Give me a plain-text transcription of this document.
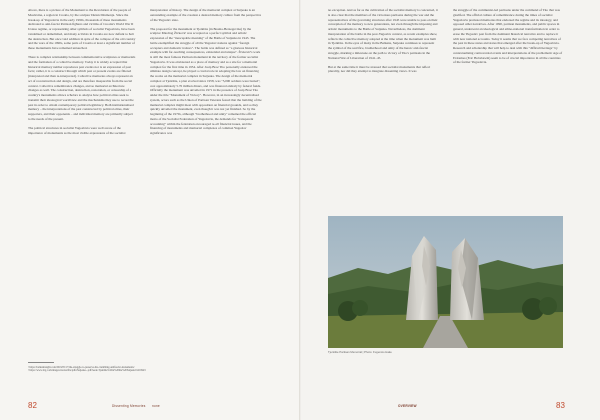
Above, there is a picture of the Monument to the Revolution of the people of Moslavina, a region in Croatia, by the sculptor Dušan Džamonja. Since the break-up of Yugoslavia in the early 1990s, thousands of these monuments dedicated to anti-fascist Partisan fighters and victims of Croatia's World War II Ustasa regime, or representing other symbols of socialist Yugoslavia, have been vandalised or demolished, and many activists in Croatia are now defiant to halt the destruction. But once vaid addition in spite of the collapse of the old country and the wars of the 1990s, some parts of Croatia at least a significant number of these monuments have remained untouched.

There is complex relationship between commemorative sculptures or memorials and the formation of a collective memory. Today it is widely accepted that historical memory neither reproduces past events nor is an expression of past facts; rather, it is a construct through which past or present events are filtered (interpreted and then re-interpreted). Collective memories always represent an act of reconstruction and design, and are therefore inseparable from the social context. Collective remembrance changes, and so memorial architecture changes as well. The construction, destruction, restoration, or censorship of a country's monuments allows scholars to analyse how political elites seek to transmit their ideological worldview and the mechanisms they use to recast the past in order to obtain contemporary political legitimacy. Both institutionalised memory – the interpretations of the past constructed by political elites, their supporters, and their opponents – and individual memory are primarily subject to the needs of the present.

The political structures in socialist Yugoslavia were well aware of the importance of monuments as the most visible expressions of the socialist

interpretation of history. The design of the memorial complex at Sutjeska is an outstanding example of the creation a desired memory culture from the perspective of the Yugoslav state.

The proposal for the monument at Tjentište (in Bosnia-Herzegovina) by the sculptor Miodrag Živković was accepted as a perfect symbol and artistic expression of the "inescapable meaning" of the Battle of Sutjeska in 1943. The battle exemplified the struggle of all the Yugoslav nations against "foreign occupiers and domestic traitors". The battle was defined as "a glorious historical example with far-reaching consequences, existential and unique". Živković's work is still the most famous Partisan monument in the territory of the former socialist Yugoslavia. It was envisioned as a place of memory and as a site for a memorial complex for the first time in 1954. After Josip Broz Tito personally endorsed the ultimate design concept, he played a crucial role in adopting the law on financing the works on the memorial complex in Sutjeska. The design of the memorial complex at Tjentište, a plan evolved since 1958, was "5,000 soldiers were buried", cost approximately 5.76 million dinars, and was financed entirely by federal funds. Officially the monument was unveiled in 1971 in the presence of Josip Broz Tito under the title "Monument of Victory". However, in an increasingly decentralised system, actors such as the Union of Partisan Veterans feared that the building of the memorial complex might meet with opposition on financial grounds, and so they quickly unveiled the monument, even though it was not yet finished. So by the beginning of the 1970s, although "brotherhood and unity" remained the official motto of the Socialist Federation of Yugoslavia, the demands for "transparent accounting" within the federation encouraged re-all financial issues, and the financing of monuments and memorial complexes of common Yugoslav significance was

¹ https://balkaninsight.com/2019/05/17/the-struggle-to-preserve-the-crumbling-antifascist-monuments/
² https://www.ttrg.com/images/stories/file/pdfs/Sutjeska...pdf?seek=Tjentište%20at%20the%20Sutjeska%201943

no exception. And as far as the cultivation of the socialist memory is concerned, it is also clear that the members of the victorious partisans during the war and the representatives of the governing structures after 1945 were unable to pass on their conception of the memory to new generations, not even through the imposing and artistic monuments to the Battle of Sutjeska. Nevertheless, the dominant interpretation of the battle in the post-Yugoslav context, as recent examples show, reflects the collective memory adopted at the time when the monument was built in Tjentište. In the eyes of many in the Balkans, Sutjeska continues to represent the symbol of the sacrifice, brotherhood and unity of the heroic anti-fascist struggle, marking a milestone on the path to victory of Tito's partisans in the National War of Liberation of 1941–45.

But at the same time it must be stressed that socialist monuments that reflect plurality, nor did they attempt to integrate dissenting views. It was

the struggle of the communist-led partisans under the command of Tito that was glorified. The official culture of remembrance during the times of socialist Yugoslavia promoted memories that endorsed the regime and its ideology, and opposed other narratives. After 1990, partisan monuments, and public spaces in general, underwent an ideological and ethno-national transformation in order to erase the Yugoslav past from the dominant historical narrative and to replace it with new national accounts. Today it seems that we face competing narratives of the past in these states and states that emerged after the break-up of Yugoslavia. Research and scholarship that will help to deal with this "difficult heritage" by contextualising controversial events and interpretations of the problematic Age of Extremes (Eric Hobsbawm) seem to be of crucial importance in all the countries of the former Yugoslavia.

Tjentište Partisan Memorial | Photo: Fugensio Hake
82	Dissenting Memories none	OVERVIEW	83
